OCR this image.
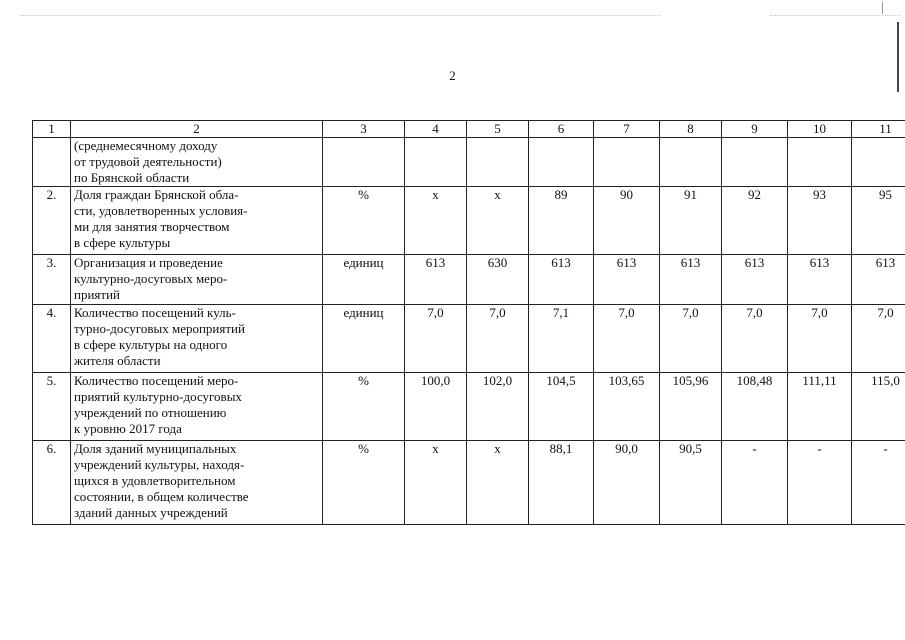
2
1	2	3	4	5	6	7	8	9	10	11

	(среднемесячному доходу
от трудовой деятельности)
по Брянской области									

2.	Доля граждан Брянской обла-
сти, удовлетворенных условия-
ми для занятия творчеством
в сфере культуры	%	х	х	89	90	91	92	93	95
3.	Организация и проведение
культурно-досуговых меро-
приятий	единиц	613	630	613	613	613	613	613	613
4.	Количество посещений куль-
турно-досуговых мероприятий
в сфере культуры на одного
жителя области	единиц	7,0	7,0	7,1	7,0	7,0	7,0	7,0	7,0
5.	Количество посещений меро-
приятий культурно-досуговых
учреждений по отношению
к уровню 2017 года	%	100,0	102,0	104,5	103,65	105,96	108,48	111,11	115,0
6.	Доля зданий муниципальных
учреждений культуры, находя-
щихся в удовлетворительном
состоянии, в общем количестве
зданий данных учреждений	%	х	х	88,1	90,0	90,5	-	-	-
